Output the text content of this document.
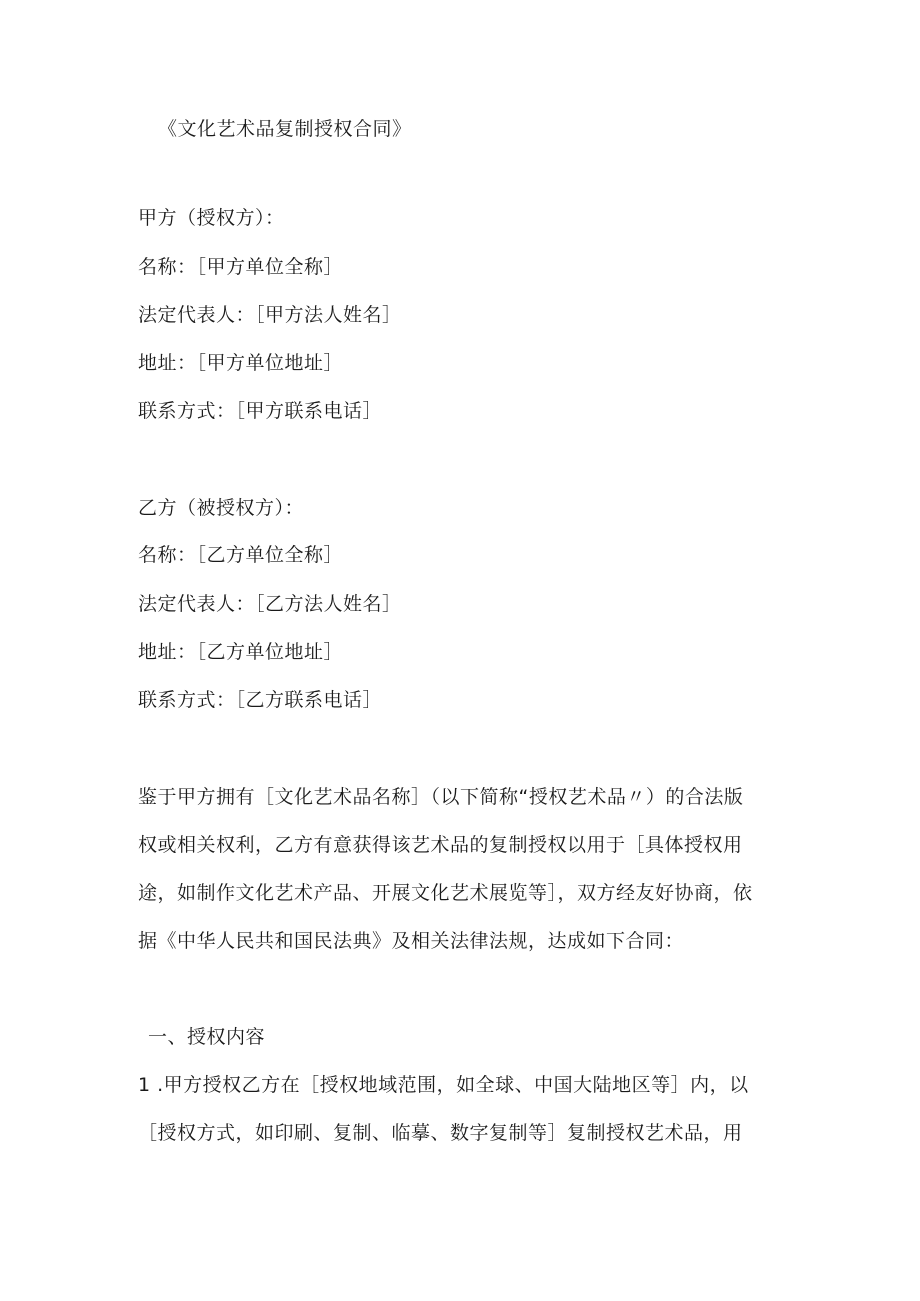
《文化艺术品复制授权合同》
甲方（授权方）：
名称：［甲方单位全称］
法定代表人：［甲方法人姓名］
地址：［甲方单位地址］
联系方式：［甲方联系电话］
乙方（被授权方）：
名称：［乙方单位全称］
法定代表人：［乙方法人姓名］
地址：［乙方单位地址］
联系方式：［乙方联系电话］
鉴于甲方拥有［文化艺术品名称］（以下简称“授权艺术品〃）的合法版
权或相关权利，乙方有意获得该艺术品的复制授权以用于［具体授权用
途，如制作文化艺术产品、开展文化艺术展览等］，双方经友好协商，依
据《中华人民共和国民法典》及相关法律法规，达成如下合同：
一、授权内容
1 .甲方授权乙方在［授权地域范围，如全球、中国大陆地区等］内，以
［授权方式，如印刷、复制、临摹、数字复制等］复制授权艺术品，用
